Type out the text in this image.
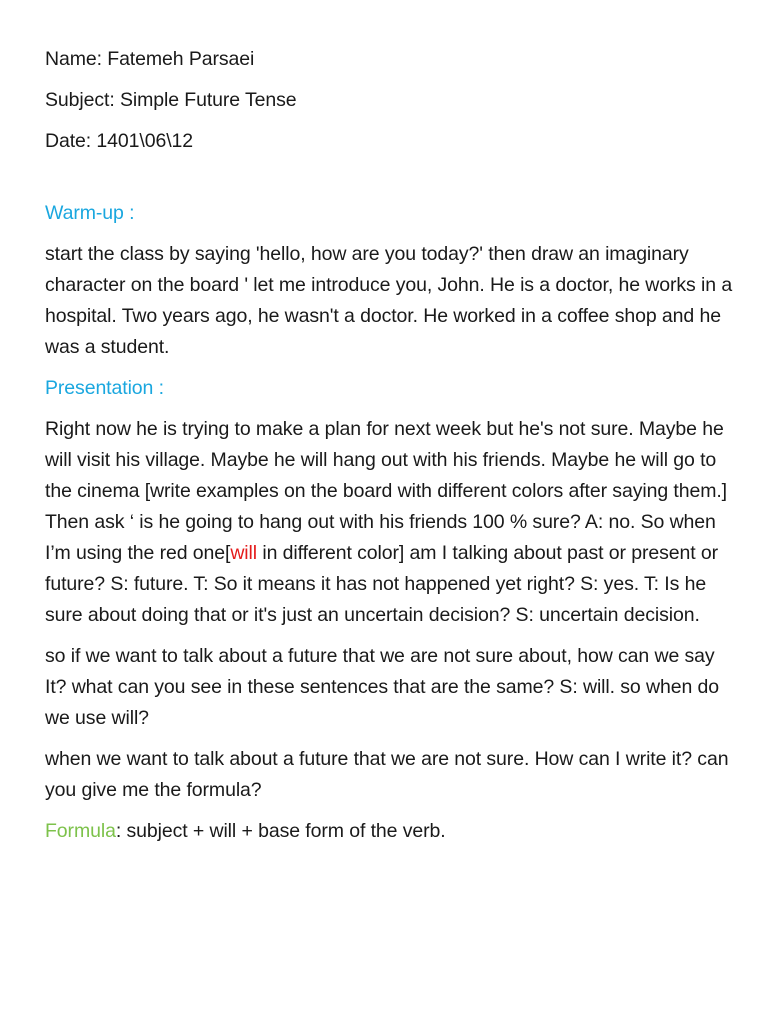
Name: Fatemeh Parsaei

Subject: Simple Future Tense

Date: 1401\06\12

Warm-up :

start the class by saying 'hello, how are you today?' then draw an imaginary character on the board ' let me introduce you, John. He is a doctor, he works in a hospital. Two years ago, he wasn't a doctor. He worked in a coffee shop and he was a student.

Presentation :

Right now he is trying to make a plan for next week but he's not sure. Maybe he will visit his village. Maybe he will hang out with his friends. Maybe he will go to the cinema [write examples on the board with different colors after saying them.] Then ask ‘ is he going to hang out with his friends 100 % sure? A: no. So when I’m using the red one[will in different color] am I talking about past or present or future? S: future. T: So it means it has not happened yet right? S: yes. T: Is he sure about doing that or it's just an uncertain decision? S: uncertain decision.

so if we want to talk about a future that we are not sure about, how can we say It? what can you see in these sentences that are the same? S: will. so when do we use will?

when we want to talk about a future that we are not sure. How can I write it? can you give me the formula?

Formula: subject + will + base form of the verb.
